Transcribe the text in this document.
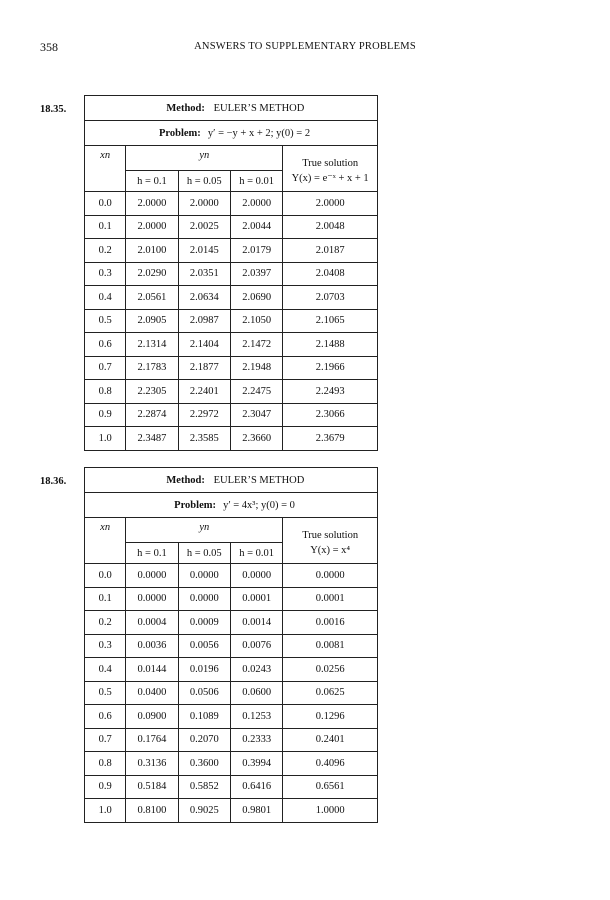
358	ANSWERS TO SUPPLEMENTARY PROBLEMS
18.35.	Method: EULER’S METHOD				
Problem: y′ = −y + x + 2; y(0) = 2				
xn	yn			True solution
Y(x) = e⁻ˣ + x + 1

	h = 0.1	h = 0.05	h = 0.01	
0.0	2.0000	2.0000	2.0000	2.0000
0.1	2.0000	2.0025	2.0044	2.0048
0.2	2.0100	2.0145	2.0179	2.0187
0.3	2.0290	2.0351	2.0397	2.0408
0.4	2.0561	2.0634	2.0690	2.0703
0.5	2.0905	2.0987	2.1050	2.1065
0.6	2.1314	2.1404	2.1472	2.1488
0.7	2.1783	2.1877	2.1948	2.1966
0.8	2.2305	2.2401	2.2475	2.2493
0.9	2.2874	2.2972	2.3047	2.3066
1.0	2.3487	2.3585	2.3660	2.3679
18.36.	Method: EULER’S METHOD				
Problem: y′ = 4x³; y(0) = 0				
xn	yn			True solution
Y(x) = x⁴

	h = 0.1	h = 0.05	h = 0.01	
0.0	0.0000	0.0000	0.0000	0.0000
0.1	0.0000	0.0000	0.0001	0.0001
0.2	0.0004	0.0009	0.0014	0.0016
0.3	0.0036	0.0056	0.0076	0.0081
0.4	0.0144	0.0196	0.0243	0.0256
0.5	0.0400	0.0506	0.0600	0.0625
0.6	0.0900	0.1089	0.1253	0.1296
0.7	0.1764	0.2070	0.2333	0.2401
0.8	0.3136	0.3600	0.3994	0.4096
0.9	0.5184	0.5852	0.6416	0.6561
1.0	0.8100	0.9025	0.9801	1.0000
